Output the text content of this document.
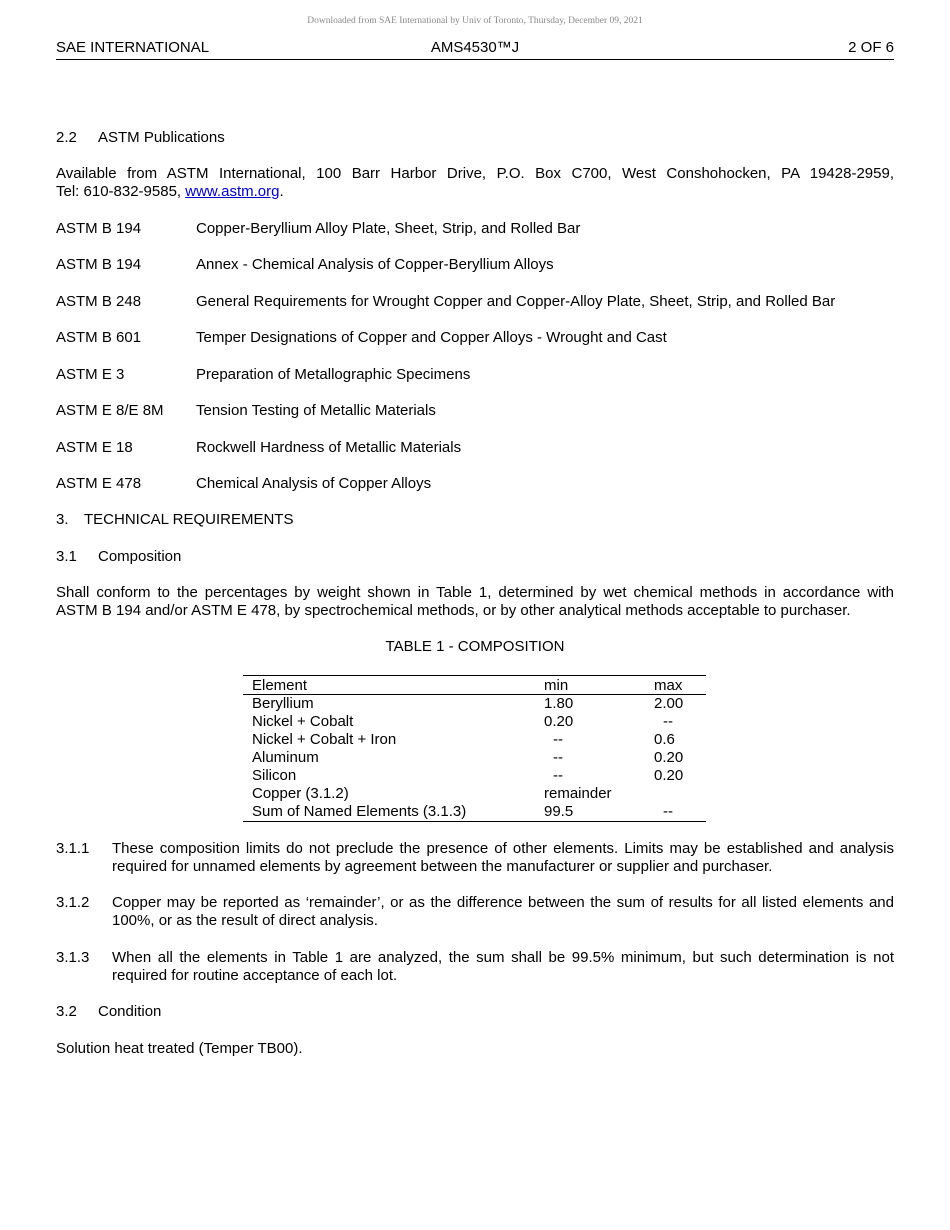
Downloaded from SAE International by Univ of Toronto, Thursday, December 09, 2021
SAE INTERNATIONAL	AMS4530™J	2 OF 6
2.2 ASTM Publications
Available from ASTM International, 100 Barr Harbor Drive, P.O. Box C700, West Conshohocken, PA 19428-2959,
Tel: 610-832-9585, www.astm.org.
ASTM B 194	Copper-Beryllium Alloy Plate, Sheet, Strip, and Rolled Bar
ASTM B 194	Annex - Chemical Analysis of Copper-Beryllium Alloys
ASTM B 248	General Requirements for Wrought Copper and Copper-Alloy Plate, Sheet, Strip, and Rolled Bar
ASTM B 601	Temper Designations of Copper and Copper Alloys - Wrought and Cast
ASTM E 3	Preparation of Metallographic Specimens
ASTM E 8/E 8M Tension Testing of Metallic Materials
ASTM E 18	Rockwell Hardness of Metallic Materials
ASTM E 478	Chemical Analysis of Copper Alloys
3. TECHNICAL REQUIREMENTS
3.1 Composition
Shall conform to the percentages by weight shown in Table 1, determined by wet chemical methods in accordance with
ASTM B 194 and/or ASTM E 478, by spectrochemical methods, or by other analytical methods acceptable to purchaser.
TABLE 1 - COMPOSITION
Element	min	max
Beryllium	1.80	2.00
Nickel + Cobalt	0.20	--
Nickel + Cobalt + Iron	--	0.6
Aluminum	--	0.20
Silicon	--	0.20
Copper (3.1.2)	remainder	
Sum of Named Elements (3.1.3)	99.5	--
3.1.1 These composition limits do not preclude the presence of other elements. Limits may be established and analysis
required for unnamed elements by agreement between the manufacturer or supplier and purchaser.
3.1.2 Copper may be reported as ‘remainder’, or as the difference between the sum of results for all listed elements and
100%, or as the result of direct analysis.
3.1.3 When all the elements in Table 1 are analyzed, the sum shall be 99.5% minimum, but such determination is not
required for routine acceptance of each lot.
3.2 Condition
Solution heat treated (Temper TB00).
